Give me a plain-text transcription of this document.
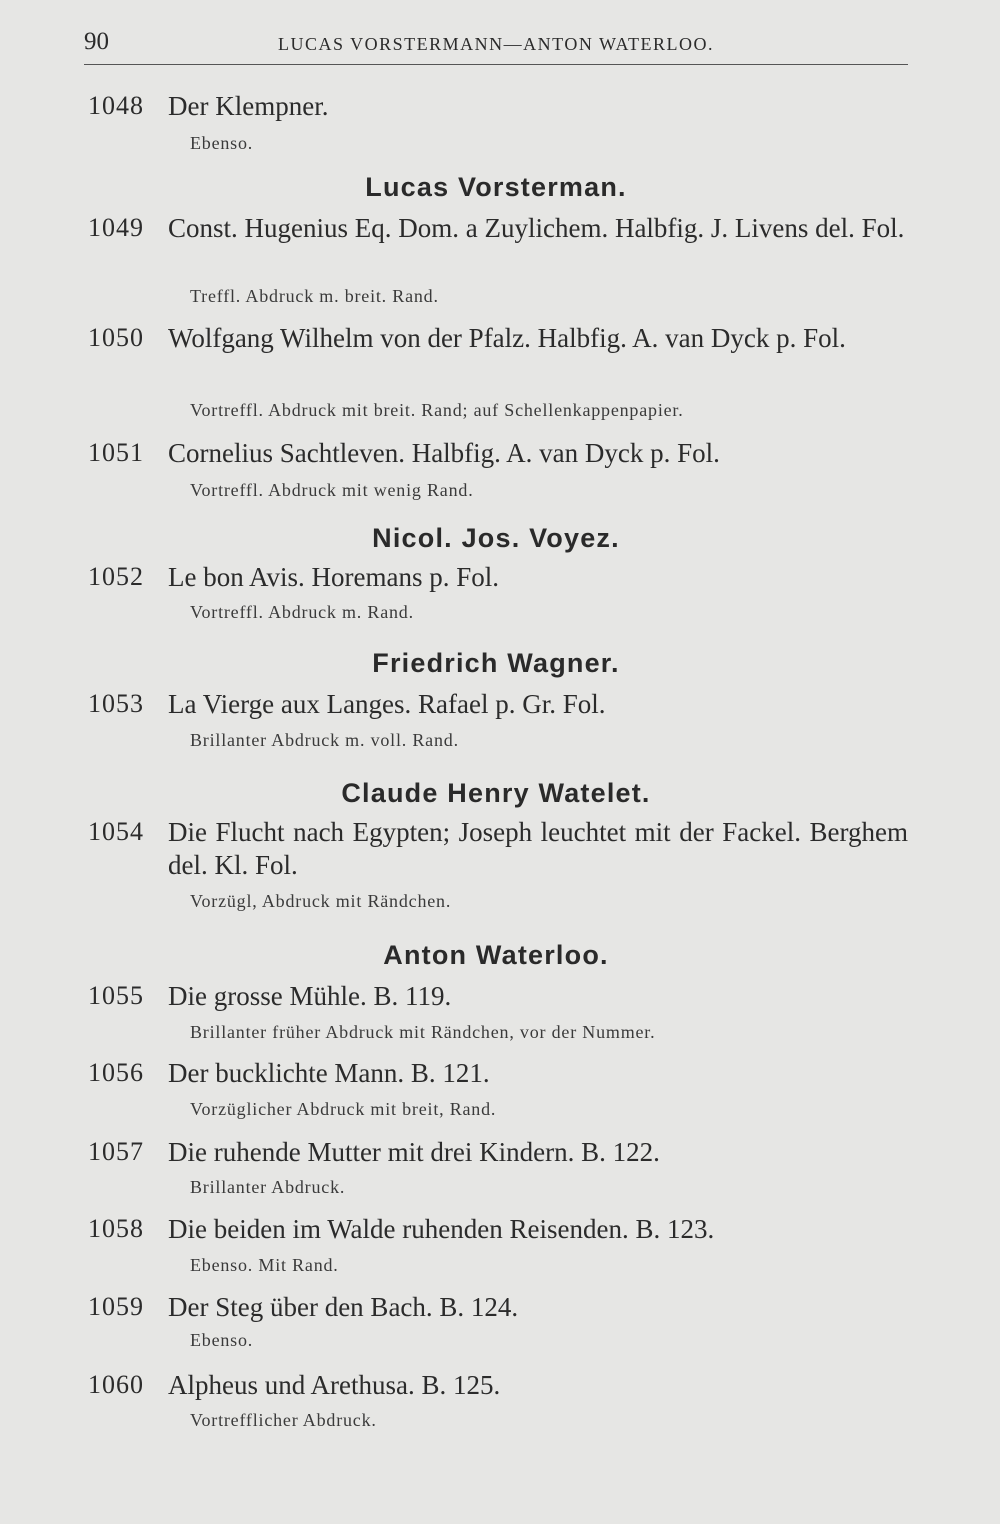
90	LUCAS VORSTERMANN—ANTON WATERLOO.
1048 Der Klempner.
Ebenso.
Lucas Vorsterman.
1049 Const. Hugenius Eq. Dom. a Zuylichem. Halbfig. J. Livens del. Fol.
Treffl. Abdruck m. breit. Rand.
1050 Wolfgang Wilhelm von der Pfalz. Halbfig. A. van Dyck p. Fol.
Vortreffl. Abdruck mit breit. Rand; auf Schellenkappenpapier.
1051 Cornelius Sachtleven. Halbfig. A. van Dyck p. Fol.
Vortreffl. Abdruck mit wenig Rand.
Nicol. Jos. Voyez.
1052 Le bon Avis. Horemans p. Fol.
Vortreffl. Abdruck m. Rand.
Friedrich Wagner.
1053 La Vierge aux Langes. Rafael p. Gr. Fol.
Brillanter Abdruck m. voll. Rand.
Claude Henry Watelet.
1054 Die Flucht nach Egypten; Joseph leuchtet mit der Fackel. Berghem del. Kl. Fol.
Vorzügl, Abdruck mit Rändchen.
Anton Waterloo.
1055 Die grosse Mühle. B. 119.
Brillanter früher Abdruck mit Rändchen, vor der Nummer.
1056 Der bucklichte Mann. B. 121.
Vorzüglicher Abdruck mit breit, Rand.
1057 Die ruhende Mutter mit drei Kindern. B. 122.
Brillanter Abdruck.
1058 Die beiden im Walde ruhenden Reisenden. B. 123.
Ebenso. Mit Rand.
1059 Der Steg über den Bach. B. 124.
Ebenso.
1060 Alpheus und Arethusa. B. 125.
Vortrefflicher Abdruck.
